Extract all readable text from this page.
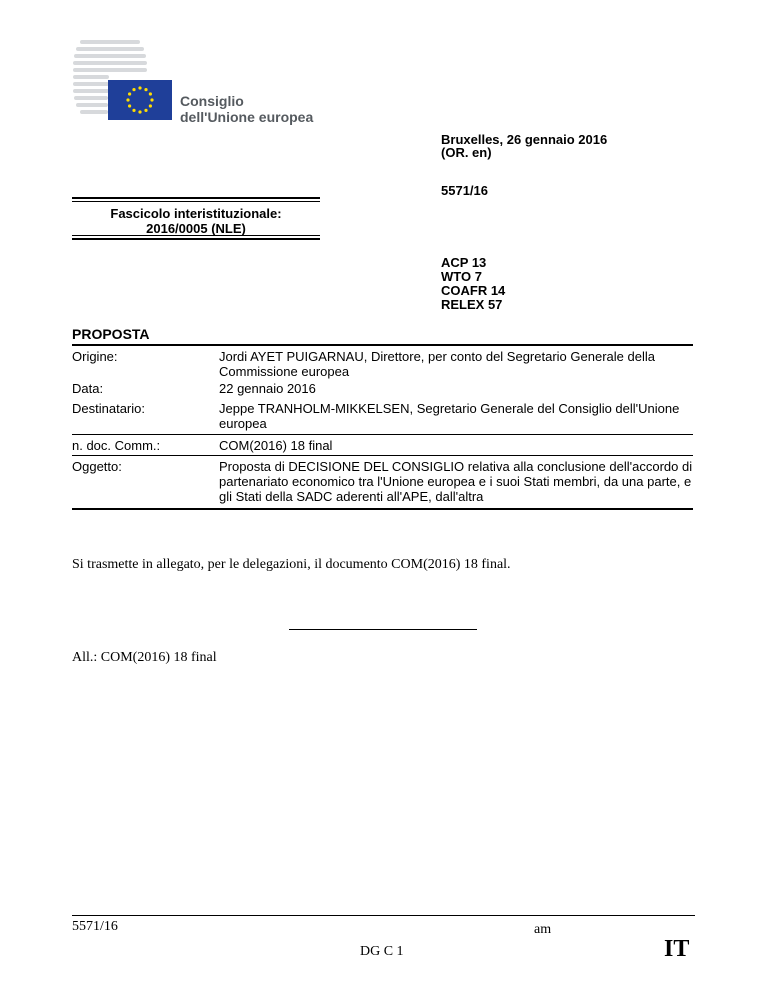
Consiglio
dell'Unione europea
Bruxelles, 26 gennaio 2016
(OR. en)
5571/16
Fascicolo interistituzionale:
2016/0005 (NLE)
ACP 13
WTO 7
COAFR 14
RELEX 57
PROPOSTA
Origine:	Jordi AYET PUIGARNAU, Direttore, per conto del Segretario Generale della Commissione europea
Data:	22 gennaio 2016
Destinatario:	Jeppe TRANHOLM-MIKKELSEN, Segretario Generale del Consiglio dell'Unione europea
n. doc. Comm.:	COM(2016) 18 final
Oggetto:	Proposta di DECISIONE DEL CONSIGLIO relativa alla conclusione dell'accordo di partenariato economico tra l'Unione europea e i suoi Stati membri, da una parte, e gli Stati della SADC aderenti all'APE, dall'altra
Si trasmette in allegato, per le delegazioni, il documento COM(2016) 18 final.
All.: COM(2016) 18 final
5571/16	am
DG C 1	IT
